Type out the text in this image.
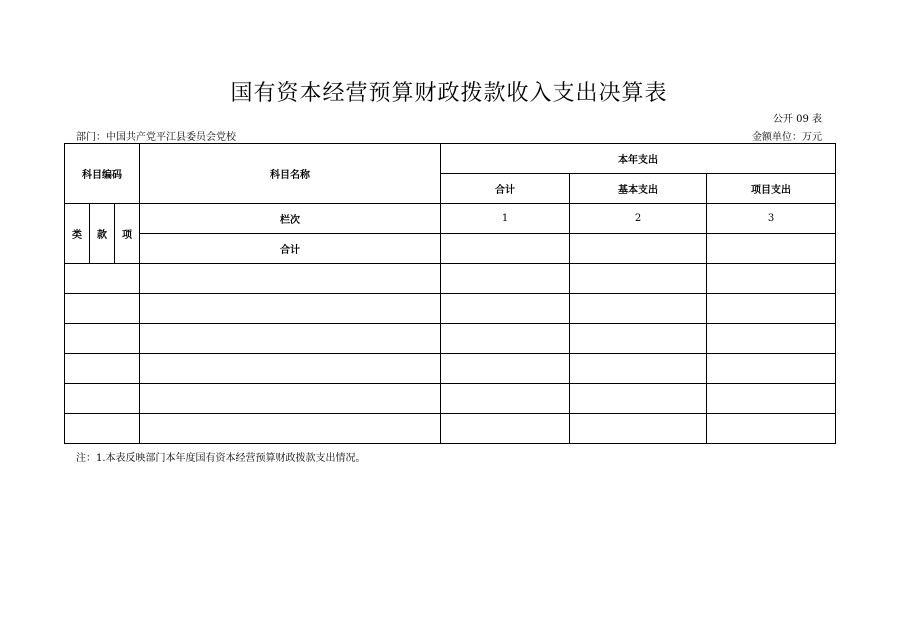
国有资本经营预算财政拨款收入支出决算表
公开 09 表
部门：中国共产党平江县委员会党校	金额单位：万元
科目编码			科目名称	本年支出		
				合计	基本支出	项目支出
类	款	项	栏次	1	2	3
			合计			

注：1.本表反映部门本年度国有资本经营预算财政拨款支出情况。
